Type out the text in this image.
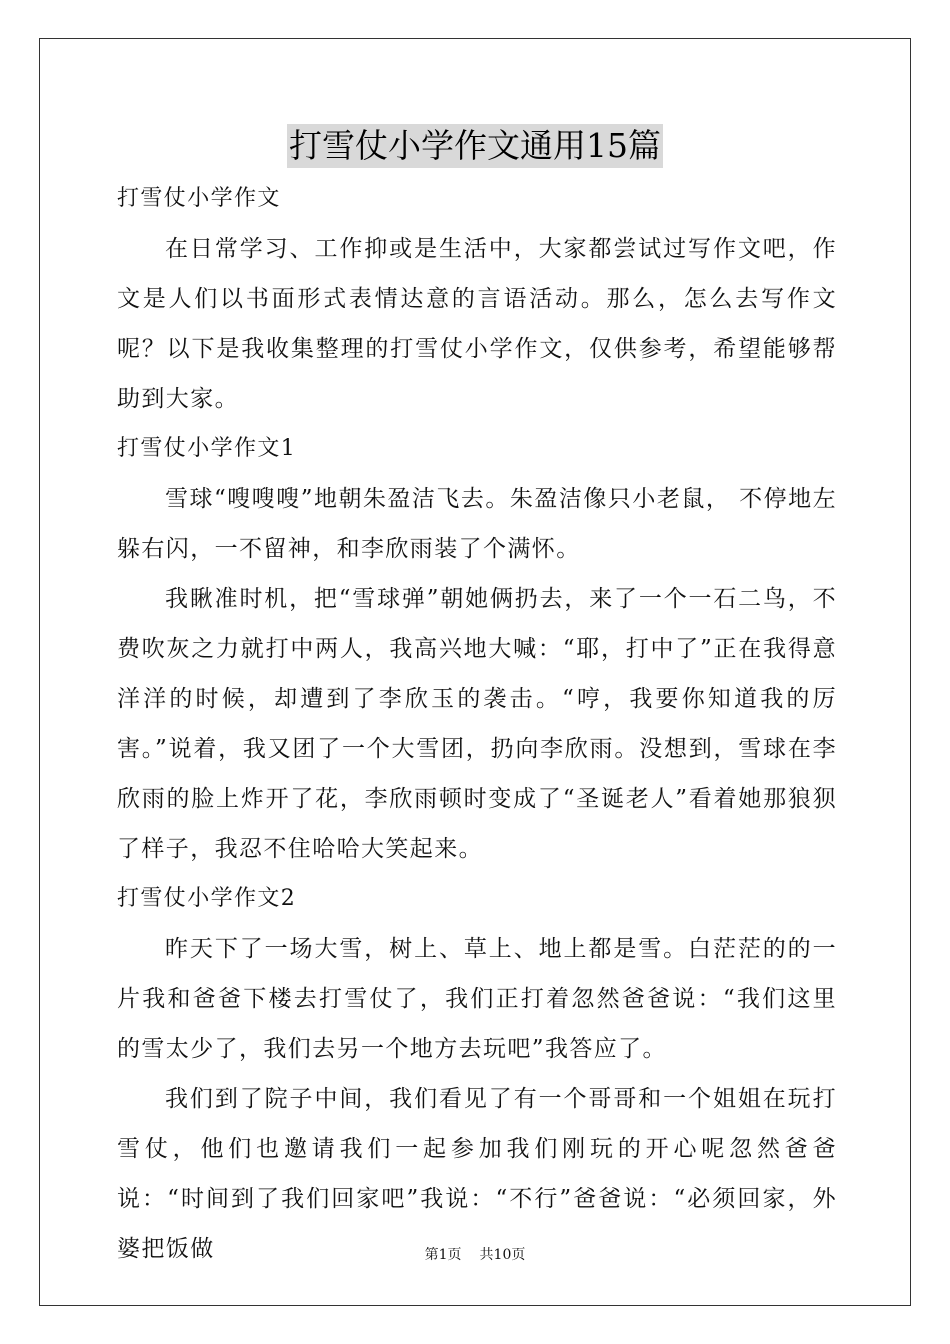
打雪仗小学作文通用15篇

打雪仗小学作文

在日常学习、工作抑或是生活中，大家都尝试过写作文吧，作文是人们以书面形式表情达意的言语活动。那么，怎么去写作文呢？以下是我收集整理的打雪仗小学作文，仅供参考，希望能够帮助到大家。

打雪仗小学作文1

雪球“嗖嗖嗖”地朝朱盈洁飞去。朱盈洁像只小老鼠， 不停地左躲右闪，一不留神，和李欣雨装了个满怀。

我瞅准时机，把“雪球弹”朝她俩扔去，来了一个一石二鸟，不费吹灰之力就打中两人，我高兴地大喊：“耶，打中了”正在我得意洋洋的时候，却遭到了李欣玉的袭击。“哼，我要你知道我的厉害。”说着，我又团了一个大雪团，扔向李欣雨。没想到，雪球在李欣雨的脸上炸开了花，李欣雨顿时变成了“圣诞老人”看着她那狼狈了样子，我忍不住哈哈大笑起来。

打雪仗小学作文2

昨天下了一场大雪，树上、草上、地上都是雪。白茫茫的的一片我和爸爸下楼去打雪仗了，我们正打着忽然爸爸说：“我们这里的雪太少了，我们去另一个地方去玩吧”我答应了。

我们到了院子中间，我们看见了有一个哥哥和一个姐姐在玩打雪仗，他们也邀请我们一起参加我们刚玩的开心呢忽然爸爸说：“时间到了我们回家吧”我说：“不行”爸爸说：“必须回家，外婆把饭做	第1页 共10页
